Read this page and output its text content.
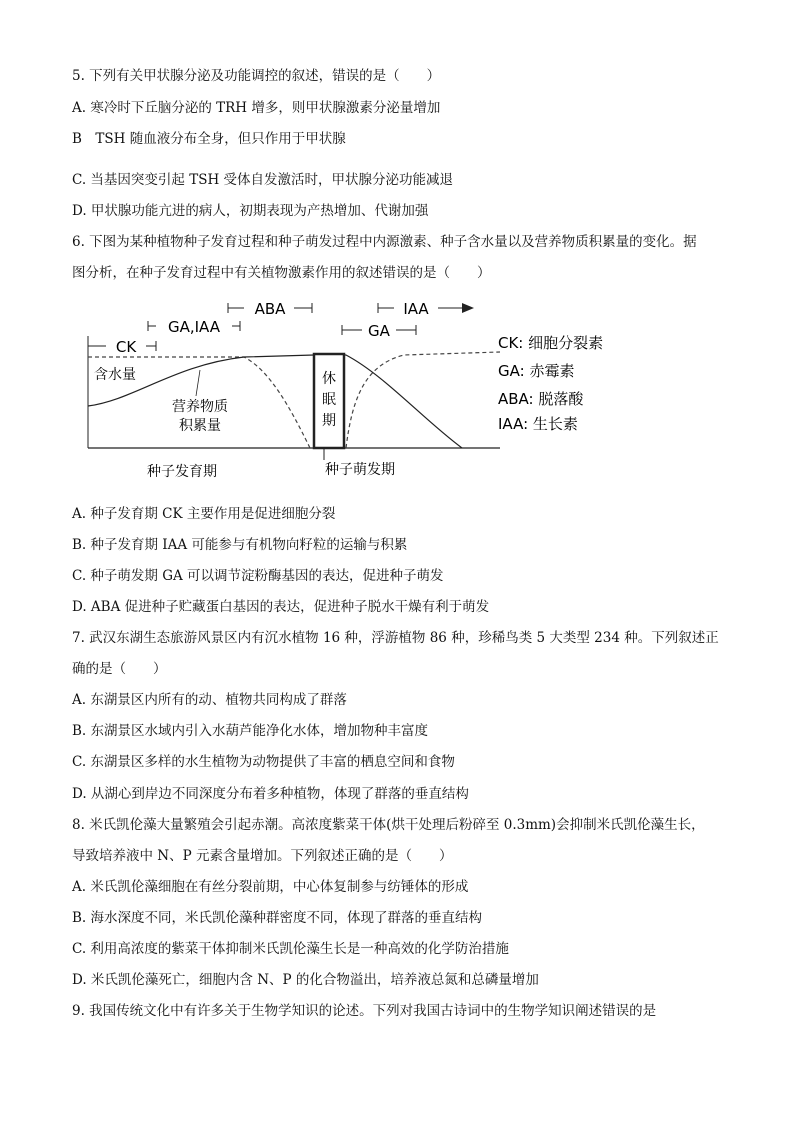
5. 下列有关甲状腺分泌及功能调控的叙述，错误的是（　　）
A. 寒冷时下丘脑分泌的 TRH 增多，则甲状腺激素分泌量增加
B　TSH 随血液分布全身，但只作用于甲状腺
C. 当基因突变引起 TSH 受体自发激活时，甲状腺分泌功能减退
D. 甲状腺功能亢进的病人，初期表现为产热增加、代谢加强
6. 下图为某种植物种子发育过程和种子萌发过程中内源激素、种子含水量以及营养物质积累量的变化。据
图分析，在种子发育过程中有关植物激素作用的叙述错误的是（　　）
CK
GA,IAA
ABA	IAA
GA
休
眠
期
含水量
营养物质
积累量
种子发育期	种子萌发期
CK: 细胞分裂素
GA: 赤霉素
ABA: 脱落酸
IAA: 生长素
A. 种子发育期 CK 主要作用是促进细胞分裂
B. 种子发育期 IAA 可能参与有机物向籽粒的运输与积累
C. 种子萌发期 GA 可以调节淀粉酶基因的表达，促进种子萌发
D. ABA 促进种子贮藏蛋白基因的表达，促进种子脱水干燥有利于萌发
7. 武汉东湖生态旅游风景区内有沉水植物 16 种，浮游植物 86 种，珍稀鸟类 5 大类型 234 种。下列叙述正
确的是（　　）
A. 东湖景区内所有的动、植物共同构成了群落
B. 东湖景区水域内引入水葫芦能净化水体，增加物种丰富度
C. 东湖景区多样的水生植物为动物提供了丰富的栖息空间和食物
D. 从湖心到岸边不同深度分布着多种植物，体现了群落的垂直结构
8. 米氏凯伦藻大量繁殖会引起赤潮。高浓度紫菜干体(烘干处理后粉碎至 0.3mm)会抑制米氏凯伦藻生长，
导致培养液中 N、P 元素含量增加。下列叙述正确的是（　　）
A. 米氏凯伦藻细胞在有丝分裂前期，中心体复制参与纺锤体的形成
B. 海水深度不同，米氏凯伦藻种群密度不同，体现了群落的垂直结构
C. 利用高浓度的紫菜干体抑制米氏凯伦藻生长是一种高效的化学防治措施
D. 米氏凯伦藻死亡，细胞内含 N、P 的化合物溢出，培养液总氮和总磷量增加
9. 我国传统文化中有许多关于生物学知识的论述。下列对我国古诗词中的生物学知识阐述错误的是
